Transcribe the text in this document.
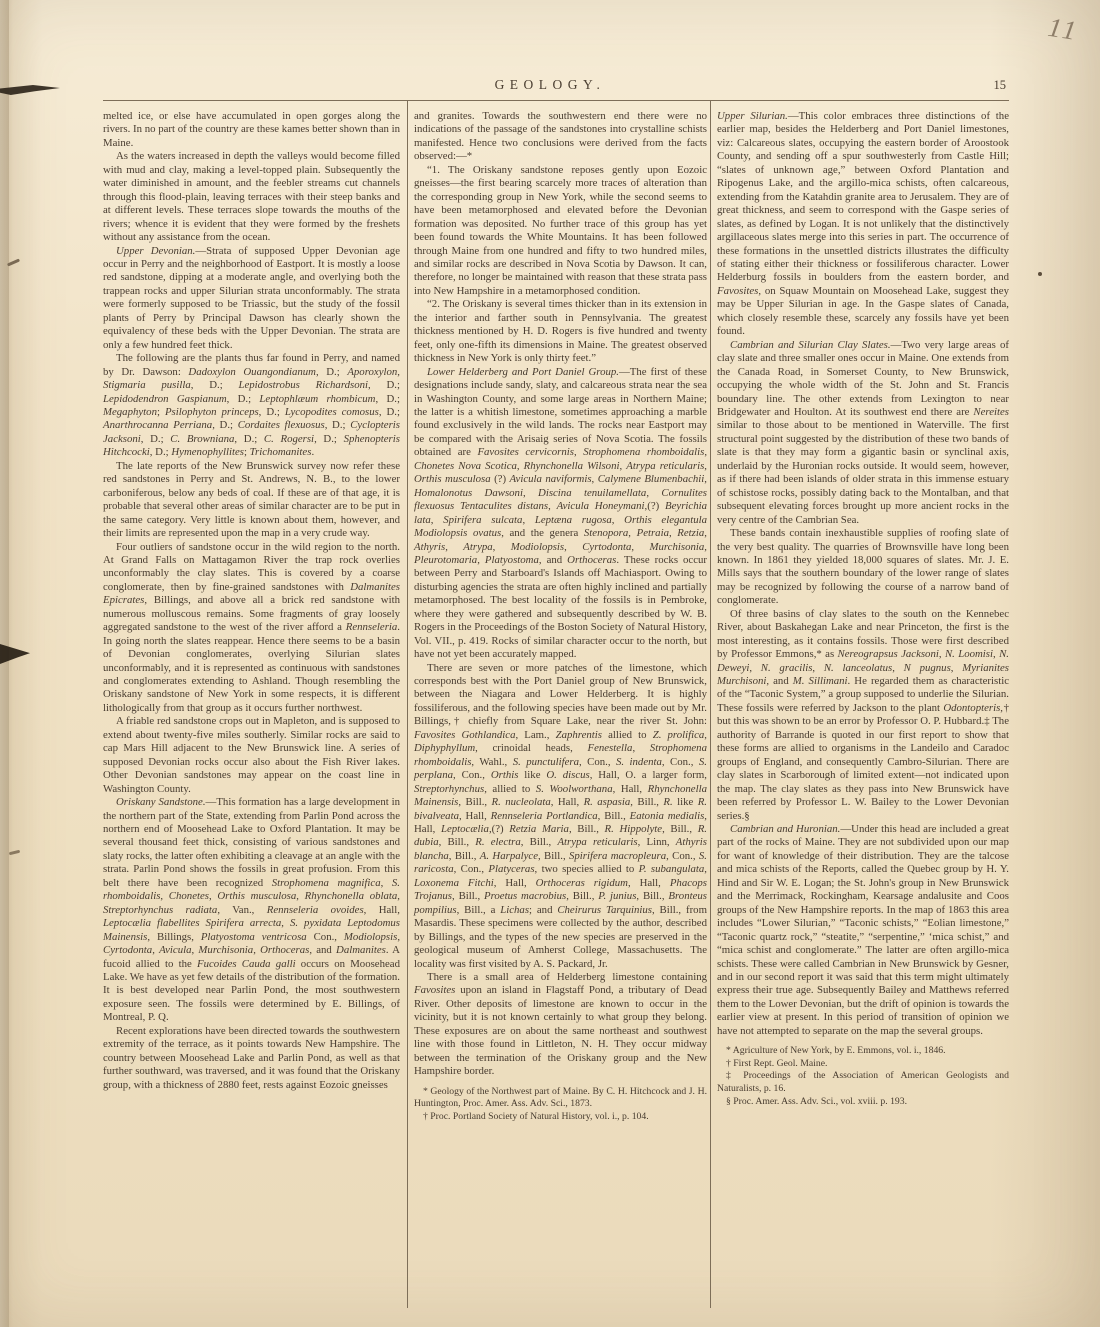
11
GEOLOGY.	15

melted ice, or else have accumulated in open gorges along the rivers. In no part of the country are these kames better shown than in Maine.

As the waters increased in depth the valleys would become filled with mud and clay, making a level-topped plain. Subsequently the water diminished in amount, and the feebler streams cut channels through this flood-plain, leaving terraces with their steep banks and at different levels. These terraces slope towards the mouths of the rivers; whence it is evident that they were formed by the freshets without any assistance from the ocean.

Upper Devonian.—Strata of supposed Upper Devonian age occur in Perry and the neighborhood of Eastport. It is mostly a loose red sandstone, dipping at a moderate angle, and overlying both the trappean rocks and upper Silurian strata unconformably. The strata were formerly supposed to be Triassic, but the study of the fossil plants of Perry by Principal Dawson has clearly shown the equivalency of these beds with the Upper Devonian. The strata are only a few hundred feet thick.

The following are the plants thus far found in Perry, and named by Dr. Dawson: Dadoxylon Ouangondianum, D.; Aporoxylon, Stigmaria pusilla, D.; Lepidostrobus Richardsoni, D.; Lepidodendron Gaspianum, D.; Leptophlæum rhombicum, D.; Megaphyton; Psilophyton princeps, D.; Lycopodites comosus, D.; Anarthrocanna Perriana, D.; Cordaites flexuosus, D.; Cyclopteris Jacksoni, D.; C. Browniana, D.; C. Rogersi, D.; Sphenopteris Hitchcocki, D.; Hymenophyllites; Trichomanites.

The late reports of the New Brunswick survey now refer these red sandstones in Perry and St. Andrews, N. B., to the lower carboniferous, below any beds of coal. If these are of that age, it is probable that several other areas of similar character are to be put in the same category. Very little is known about them, however, and their limits are represented upon the map in a very crude way.

Four outliers of sandstone occur in the wild region to the north. At Grand Falls on Mattagamon River the trap rock overlies unconformably the clay slates. This is covered by a coarse conglomerate, then by fine-grained sandstones with Dalmanites Epicrates, Billings, and above all a brick red sandstone with numerous molluscous remains. Some fragments of gray loosely aggregated sandstone to the west of the river afford a Rennseleria. In going north the slates reappear. Hence there seems to be a basin of Devonian conglomerates, overlying Silurian slates unconformably, and it is represented as continuous with sandstones and conglomerates extending to Ashland. Though resembling the Oriskany sandstone of New York in some respects, it is different lithologically from that group as it occurs further northwest.

A friable red sandstone crops out in Mapleton, and is supposed to extend about twenty-five miles southerly. Similar rocks are said to cap Mars Hill adjacent to the New Brunswick line. A series of supposed Devonian rocks occur also about the Fish River lakes. Other Devonian sandstones may appear on the coast line in Washington County.

Oriskany Sandstone.—This formation has a large development in the northern part of the State, extending from Parlin Pond across the northern end of Moosehead Lake to Oxford Plantation. It may be several thousand feet thick, consisting of various sandstones and slaty rocks, the latter often exhibiting a cleavage at an angle with the strata. Parlin Pond shows the fossils in great profusion. From this belt there have been recognized Strophomena magnifica, S. rhomboidalis, Chonetes, Orthis musculosa, Rhynchonella oblata, Streptorhynchus radiata, Van., Rennseleria ovoides, Hall, Leptocælia flabellites Spirifera arrecta, S. pyxidata Leptodomus Mainensis, Billings, Platyostoma ventricosa Con., Modiolopsis, Cyrtodonta, Avicula, Murchisonia, Orthoceras, and Dalmanites. A fucoid allied to the Fucoides Cauda galli occurs on Moosehead Lake. We have as yet few details of the distribution of the formation. It is best developed near Parlin Pond, the most southwestern exposure seen. The fossils were determined by E. Billings, of Montreal, P. Q.

Recent explorations have been directed towards the southwestern extremity of the terrace, as it points towards New Hampshire. The country between Moosehead Lake and Parlin Pond, as well as that further southward, was traversed, and it was found that the Oriskany group, with a thickness of 2880 feet, rests against Eozoic gneisses

and granites. Towards the southwestern end there were no indications of the passage of the sandstones into crystalline schists manifested. Hence two conclusions were derived from the facts observed:—*

“1. The Oriskany sandstone reposes gently upon Eozoic gneisses—the first bearing scarcely more traces of alteration than the corresponding group in New York, while the second seems to have been metamorphosed and elevated before the Devonian formation was deposited. No further trace of this group has yet been found towards the White Mountains. It has been followed through Maine from one hundred and fifty to two hundred miles, and similar rocks are described in Nova Scotia by Dawson. It can, therefore, no longer be maintained with reason that these strata pass into New Hampshire in a metamorphosed condition.

“2. The Oriskany is several times thicker than in its extension in the interior and farther south in Pennsylvania. The greatest thickness mentioned by H. D. Rogers is five hundred and twenty feet, only one-fifth its dimensions in Maine. The greatest observed thickness in New York is only thirty feet.”

Lower Helderberg and Port Daniel Group.—The first of these designations include sandy, slaty, and calcareous strata near the sea in Washington County, and some large areas in Northern Maine; the latter is a whitish limestone, sometimes approaching a marble found exclusively in the wild lands. The rocks near Eastport may be compared with the Arisaig series of Nova Scotia. The fossils obtained are Favosites cervicornis, Strophomena rhomboidalis, Chonetes Nova Scotica, Rhynchonella Wilsoni, Atrypa reticularis, Orthis musculosa (?) Avicula naviformis, Calymene Blumenbachii, Homalonotus Dawsoni, Discina tenuilamellata, Cornulites flexuosus Tentaculites distans, Avicula Honeymani,(?) Beyrichia lata, Spirifera sulcata, Leptæna rugosa, Orthis elegantula Modiolopsis ovatus, and the genera Stenopora, Petraia, Retzia, Athyris, Atrypa, Modiolopsis, Cyrtodonta, Murchisonia, Pleurotomaria, Platyostoma, and Orthoceras. These rocks occur between Perry and Starboard's Islands off Machiasport. Owing to disturbing agencies the strata are often highly inclined and partially metamorphosed. The best locality of the fossils is in Pembroke, where they were gathered and subsequently described by W. B. Rogers in the Proceedings of the Boston Society of Natural History, Vol. VII., p. 419. Rocks of similar character occur to the north, but have not yet been accurately mapped.

There are seven or more patches of the limestone, which corresponds best with the Port Daniel group of New Brunswick, between the Niagara and Lower Helderberg. It is highly fossiliferous, and the following species have been made out by Mr. Billings,† chiefly from Square Lake, near the river St. John: Favosites Gothlandica, Lam., Zaphrentis allied to Z. prolifica, Diphyphyllum, crinoidal heads, Fenestella, Strophomena rhomboidalis, Wahl., S. punctulifera, Con., S. indenta, Con., S. perplana, Con., Orthis like O. discus, Hall, O. a larger form, Streptorhynchus, allied to S. Woolworthana, Hall, Rhynchonella Mainensis, Bill., R. nucleolata, Hall, R. aspasia, Bill., R. like R. bivalveata, Hall, Rennseleria Portlandica, Bill., Eatonia medialis, Hall, Leptocælia,(?) Retzia Maria, Bill., R. Hippolyte, Bill., R. dubia, Bill., R. electra, Bill., Atrypa reticularis, Linn, Athyris blancha, Bill., A. Harpalyce, Bill., Spirifera macropleura, Con., S. raricosta, Con., Platyceras, two species allied to P. subangulata, Loxonema Fitchi, Hall, Orthoceras rigidum, Hall, Phacops Trojanus, Bill., Proetus macrobius, Bill., P. junius, Bill., Bronteus pompilius, Bill., a Lichas; and Cheirurus Tarquinius, Bill., from Masardis. These specimens were collected by the author, described by Billings, and the types of the new species are preserved in the geological museum of Amherst College, Massachusetts. The locality was first visited by A. S. Packard, Jr.

There is a small area of Helderberg limestone containing Favosites upon an island in Flagstaff Pond, a tributary of Dead River. Other deposits of limestone are known to occur in the vicinity, but it is not known certainly to what group they belong. These exposures are on about the same northeast and southwest line with those found in Littleton, N. H. They occur midway between the termination of the Oriskany group and the New Hampshire border.

* Geology of the Northwest part of Maine. By C. H. Hitchcock and J. H. Huntington, Proc. Amer. Ass. Adv. Sci., 1873.

† Proc. Portland Society of Natural History, vol. i., p. 104.

Upper Silurian.—This color embraces three distinctions of the earlier map, besides the Helderberg and Port Daniel limestones, viz: Calcareous slates, occupying the eastern border of Aroostook County, and sending off a spur southwesterly from Castle Hill; “slates of unknown age,” between Oxford Plantation and Ripogenus Lake, and the argillo-mica schists, often calcareous, extending from the Katahdin granite area to Jerusalem. They are of great thickness, and seem to correspond with the Gaspe series of slates, as defined by Logan. It is not unlikely that the distinctively argillaceous slates merge into this series in part. The occurrence of these formations in the unsettled districts illustrates the difficulty of stating either their thickness or fossiliferous character. Lower Helderburg fossils in boulders from the eastern border, and Favosites, on Squaw Mountain on Moosehead Lake, suggest they may be Upper Silurian in age. In the Gaspe slates of Canada, which closely resemble these, scarcely any fossils have yet been found.

Cambrian and Silurian Clay Slates.—Two very large areas of clay slate and three smaller ones occur in Maine. One extends from the Canada Road, in Somerset County, to New Brunswick, occupying the whole width of the St. John and St. Francis boundary line. The other extends from Lexington to near Bridgewater and Houlton. At its southwest end there are Nereites similar to those about to be mentioned in Waterville. The first structural point suggested by the distribution of these two bands of slate is that they may form a gigantic basin or synclinal axis, underlaid by the Huronian rocks outside. It would seem, however, as if there had been islands of older strata in this immense estuary of schistose rocks, possibly dating back to the Montalban, and that subsequent elevating forces brought up more ancient rocks in the very centre of the Cambrian Sea.

These bands contain inexhaustible supplies of roofing slate of the very best quality. The quarries of Brownsville have long been known. In 1861 they yielded 18,000 squares of slates. Mr. J. E. Mills says that the southern boundary of the lower range of slates may be recognized by following the course of a narrow band of conglomerate.

Of three basins of clay slates to the south on the Kennebec River, about Baskahegan Lake and near Princeton, the first is the most interesting, as it contains fossils. Those were first described by Professor Emmons,* as Nereograpsus Jacksoni, N. Loomisi, N. Deweyi, N. gracilis, N. lanceolatus, N pugnus, Myrianites Murchisoni, and M. Sillimani. He regarded them as characteristic of the “Taconic System,” a group supposed to underlie the Silurian. These fossils were referred by Jackson to the plant Odontopteris,† but this was shown to be an error by Professor O. P. Hubbard.‡ The authority of Barrande is quoted in our first report to show that these forms are allied to organisms in the Landeilo and Caradoc groups of England, and consequently Cambro-Silurian. There are clay slates in Scarborough of limited extent—not indicated upon the map. The clay slates as they pass into New Brunswick have been referred by Professor L. W. Bailey to the Lower Devonian series.§

Cambrian and Huronian.—Under this head are included a great part of the rocks of Maine. They are not subdivided upon our map for want of knowledge of their distribution. They are the talcose and mica schists of the Reports, called the Quebec group by H. Y. Hind and Sir W. E. Logan; the St. John's group in New Brunswick and the Merrimack, Rockingham, Kearsage andalusite and Coos groups of the New Hampshire reports. In the map of 1863 this area includes “Lower Silurian,” “Taconic schists,” “Eolian limestone,” “Taconic quartz rock,” “steatite,” “serpentine,” ‘mica schist,” and “mica schist and conglomerate.” The latter are often argillo-mica schists. These were called Cambrian in New Brunswick by Gesner, and in our second report it was said that this term might ultimately express their true age. Subsequently Bailey and Matthews referred them to the Lower Devonian, but the drift of opinion is towards the earlier view at present. In this period of transition of opinion we have not attempted to separate on the map the several groups.

* Agriculture of New York, by E. Emmons, vol. i., 1846.

† First Rept. Geol. Maine.

‡ Proceedings of the Association of American Geologists and Naturalists, p. 16.

§ Proc. Amer. Ass. Adv. Sci., vol. xviii. p. 193.
